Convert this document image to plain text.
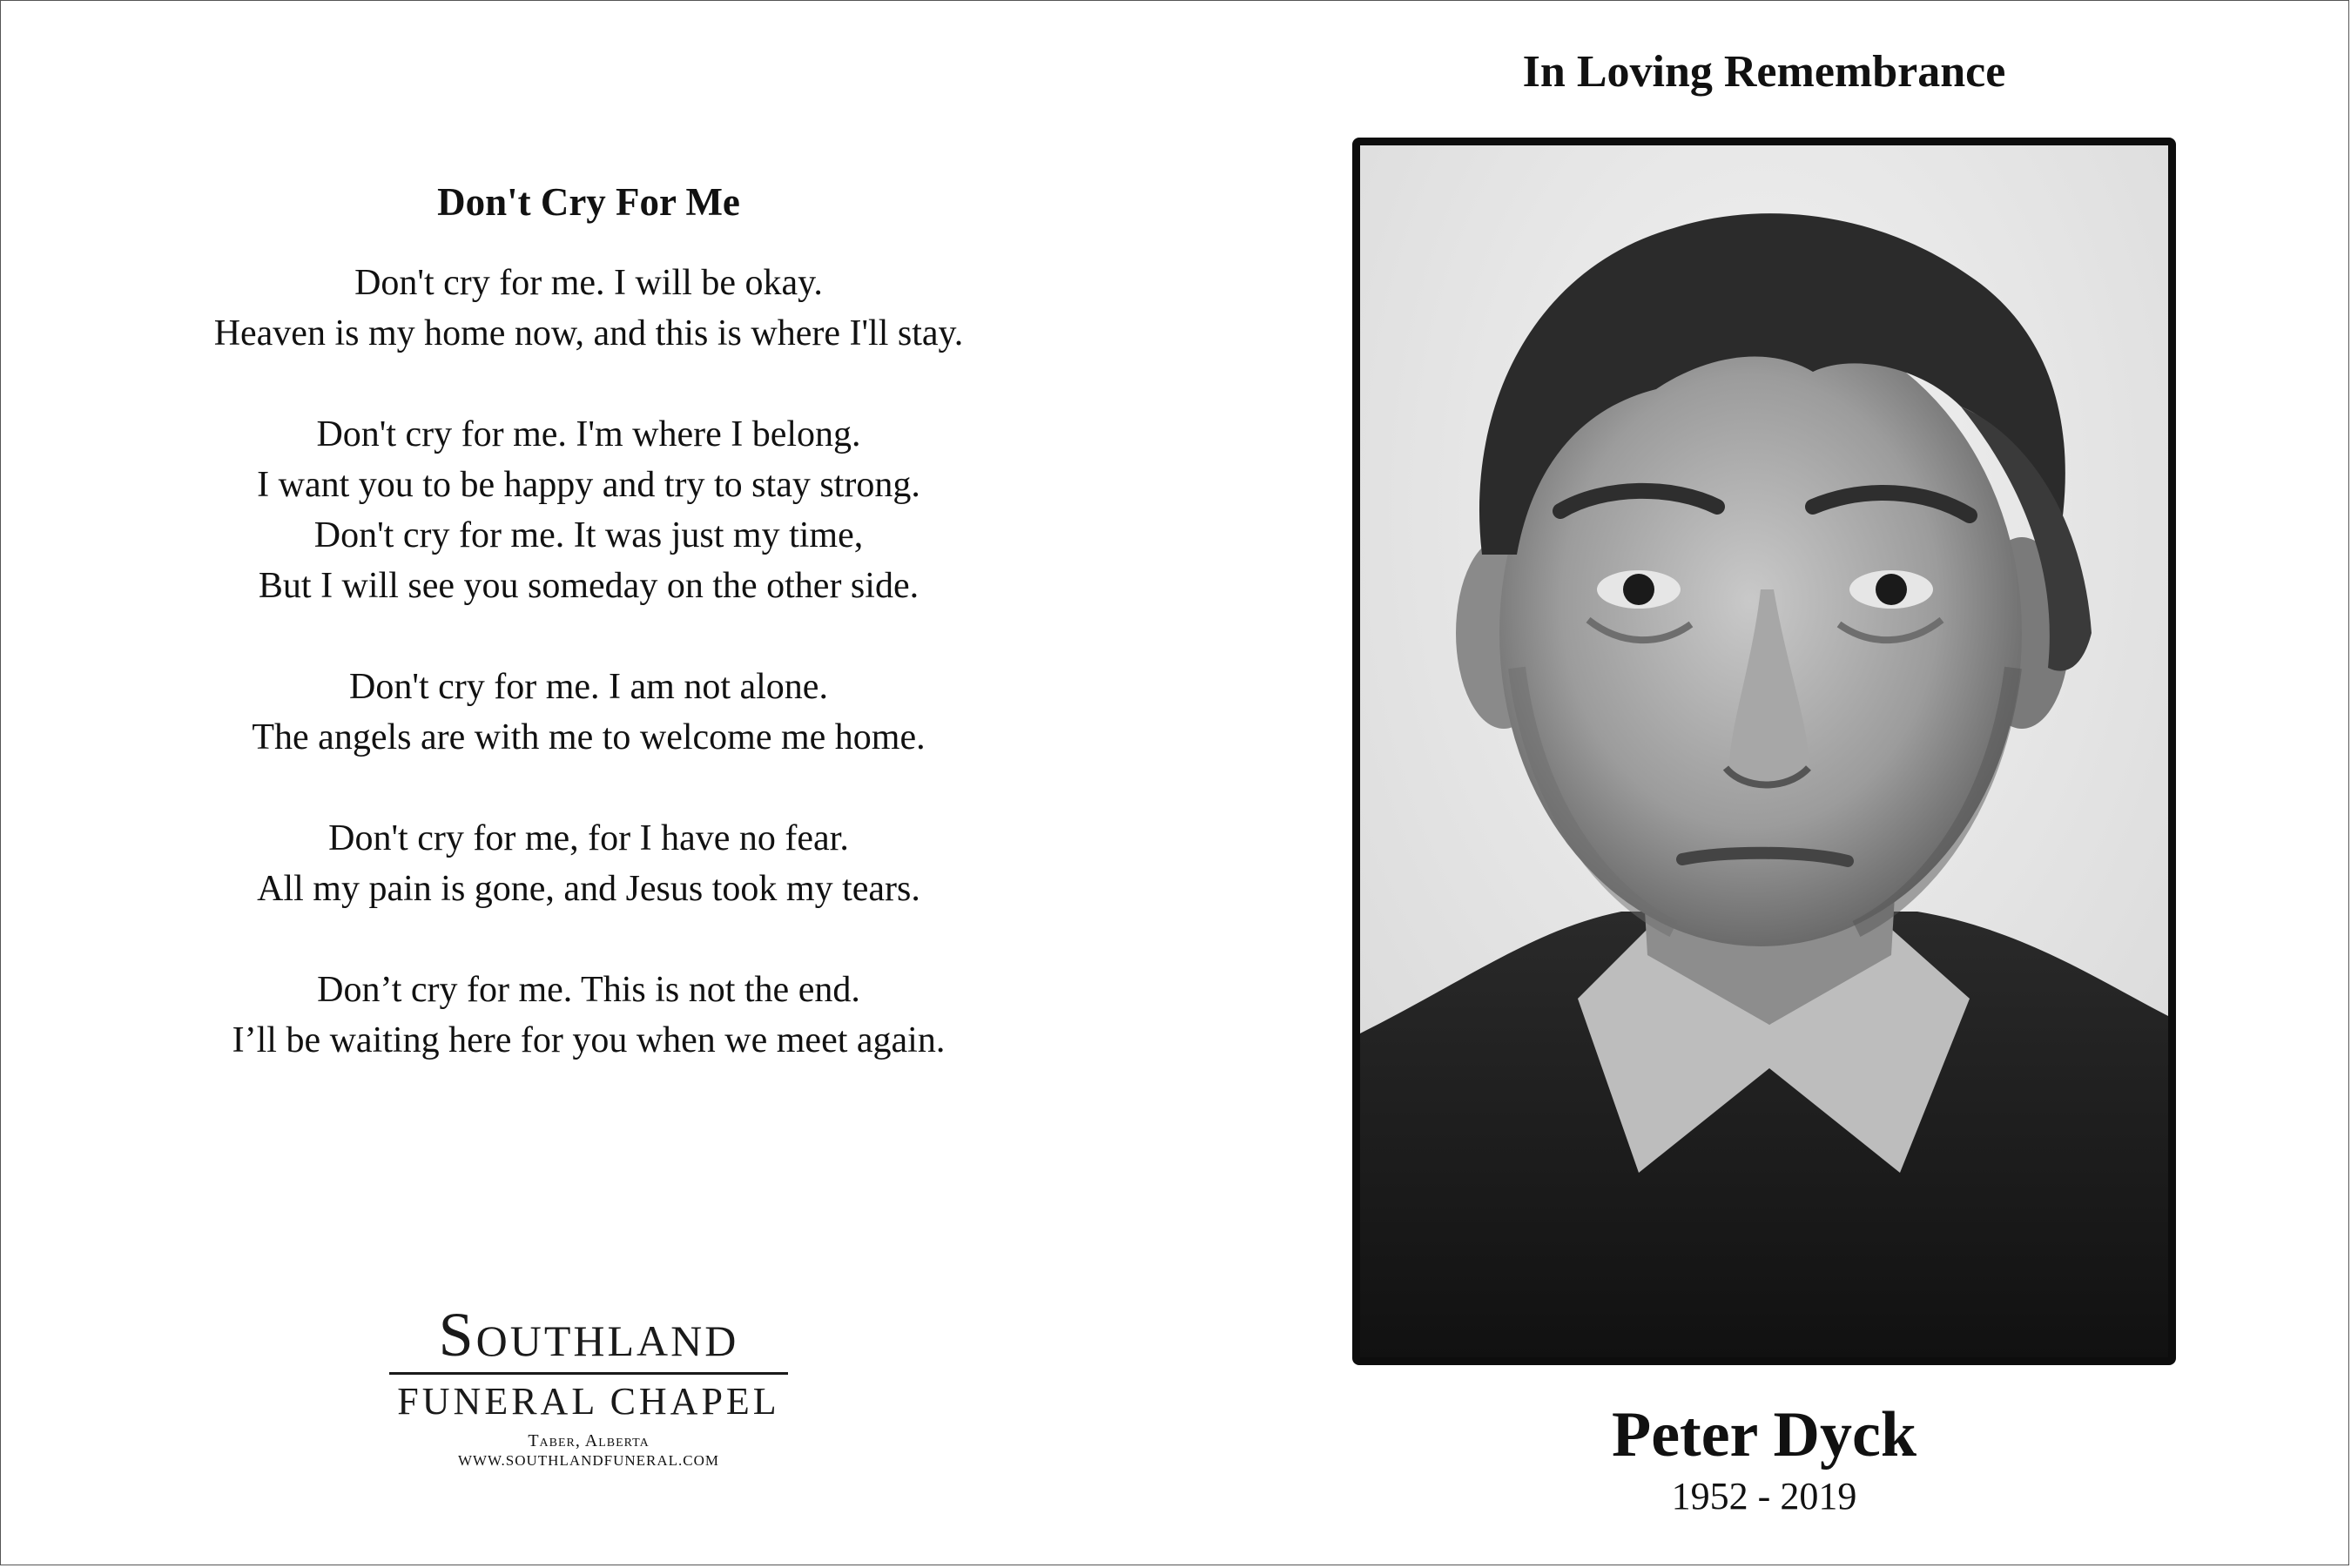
Don't Cry For Me

Don't cry for me. I will be okay.

Heaven is my home now, and this is where I'll stay.

Don't cry for me. I'm where I belong.

I want you to be happy and try to stay strong.

Don't cry for me. It was just my time,

But I will see you someday on the other side.

Don't cry for me. I am not alone.

The angels are with me to welcome me home.

Don't cry for me, for I have no fear.

All my pain is gone, and Jesus took my tears.

Don’t cry for me. This is not the end.

I’ll be waiting here for you when we meet again.

Southland
FUNERAL CHAPEL
Taber, Alberta
WWW.SOUTHLANDFUNERAL.COM
In Loving Remembrance
Peter Dyck
1952 - 2019
